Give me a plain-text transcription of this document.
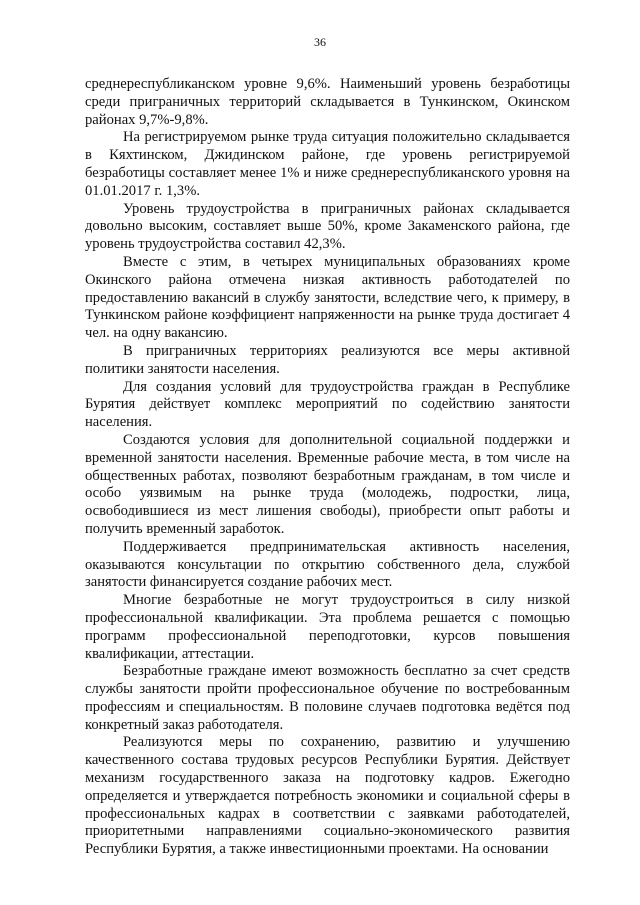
36

среднереспубликанском уровне 9,6%. Наименьший уровень безработицы среди приграничных территорий складывается в Тункинском, Окинском районах 9,7%-9,8%.

На регистрируемом рынке труда ситуация положительно складывается в Кяхтинском, Джидинском районе, где уровень регистрируемой безработицы составляет менее 1% и ниже среднереспубликанского уровня на 01.01.2017 г. 1,3%.

Уровень трудоустройства в приграничных районах складывается довольно высоким, составляет выше 50%, кроме Закаменского района, где уровень трудоустройства составил 42,3%.

Вместе с этим, в четырех муниципальных образованиях кроме Окинского района отмечена низкая активность работодателей по предоставлению вакансий в службу занятости, вследствие чего, к примеру, в Тункинском районе коэффициент напряженности на рынке труда достигает 4 чел. на одну вакансию.

В приграничных территориях реализуются все меры активной политики занятости населения.

Для создания условий для трудоустройства граждан в Республике Бурятия действует комплекс мероприятий по содействию занятости населения.

Создаются условия для дополнительной социальной поддержки и временной занятости населения. Временные рабочие места, в том числе на общественных работах, позволяют безработным гражданам, в том числе и особо уязвимым на рынке труда (молодежь, подростки, лица, освободившиеся из мест лишения свободы), приобрести опыт работы и получить временный заработок.

Поддерживается предпринимательская активность населения, оказываются консультации по открытию собственного дела, службой занятости финансируется создание рабочих мест.

Многие безработные не могут трудоустроиться в силу низкой профессиональной квалификации. Эта проблема решается с помощью программ профессиональной переподготовки, курсов повышения квалификации, аттестации.

Безработные граждане имеют возможность бесплатно за счет средств службы занятости пройти профессиональное обучение по востребованным профессиям и специальностям. В половине случаев подготовка ведётся под конкретный заказ работодателя.

Реализуются меры по сохранению, развитию и улучшению качественного состава трудовых ресурсов Республики Бурятия. Действует механизм государственного заказа на подготовку кадров. Ежегодно определяется и утверждается потребность экономики и социальной сферы в профессиональных кадрах в соответствии с заявками работодателей, приоритетными направлениями социально-экономического развития Республики Бурятия, а также инвестиционными проектами. На основании
